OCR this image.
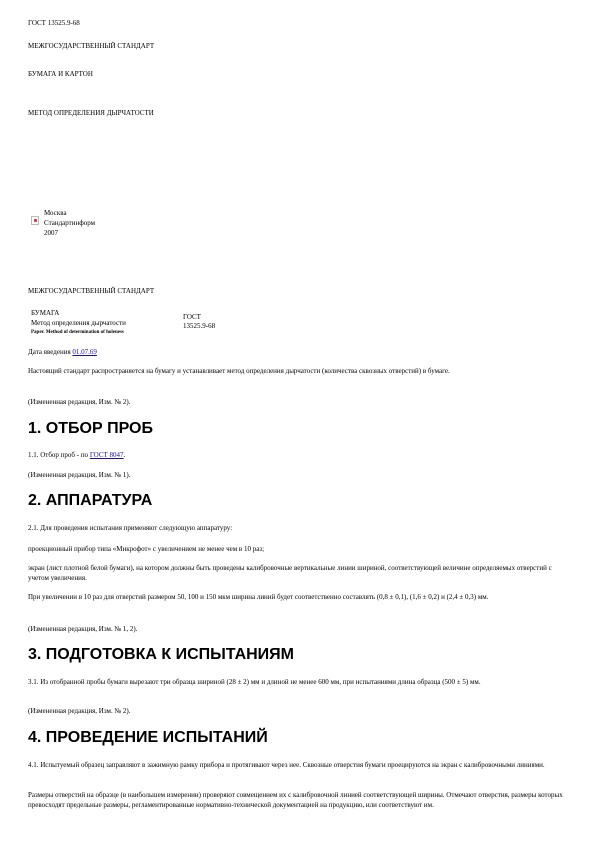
ГОСТ 13525.9-68
МЕЖГОСУДАРСТВЕННЫЙ СТАНДАРТ
БУМАГА И КАРТОН
МЕТОД ОПРЕДЕЛЕНИЯ ДЫРЧАТОСТИ
Москва
Стандартинформ
2007
МЕЖГОСУДАРСТВЕННЫЙ СТАНДАРТ
БУМАГА
Метод определения дырчатости
Paper. Method of determination of holeness
ГОСТ
13525.9-68
Дата введения 01.07.69
Настоящий стандарт распространяется на бумагу и устанавливает метод определения дырчатости (количества сквозных отверстий) в бумаге.
(Измененная редакция, Изм. № 2).
1. ОТБОР ПРОБ
1.1. Отбор проб - по ГОСТ 8047.
(Измененная редакция, Изм. № 1).
2. АППАРАТУРА
2.1. Для проведения испытания применяют следующую аппаратуру:
проекционный прибор типа «Микрофот» с увеличением не менее чем в 10 раз;
экран (лист плотной белой бумаги), на котором должны быть проведены калибровочные вертикальные линии шириной, соответствующей величине определяемых отверстий с учетом увеличения.
При увеличении в 10 раз для отверстий размером 50, 100 и 150 мкм ширина линий будет соответственно составлять (0,8 ± 0,1), (1,6 ± 0,2) и (2,4 ± 0,3) мм.
(Измененная редакция, Изм. № 1, 2).
3. ПОДГОТОВКА К ИСПЫТАНИЯМ
3.1. Из отобранной пробы бумаги вырезают три образца шириной (28 ± 2) мм и длиной не менее 600 мм, при испытаниями длина образца (500 ± 5) мм.
(Измененная редакция, Изм. № 2).
4. ПРОВЕДЕНИЕ ИСПЫТАНИЙ
4.1. Испытуемый образец заправляют в зажимную рамку прибора и протягивают через нее. Сквозные отверстия бумаги проецируются на экран с калибровочными линиями.
Размеры отверстий на образце (в наибольшем измерении) проверяют совмещением их с калибровочной линией соответствующей ширины. Отмечают отверстия, размеры которых превосходят предельные размеры, регламентированные нормативно-технической документацией на продукцию, или соответствуют им.
